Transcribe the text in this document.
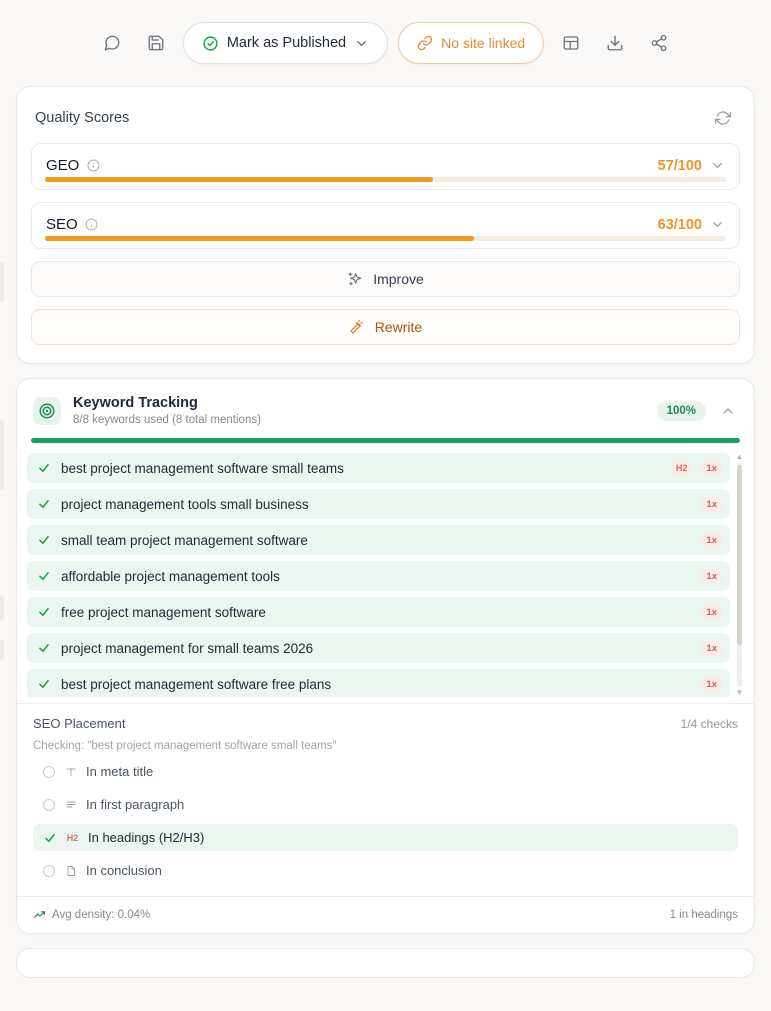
Mark as Published	No site linked
Quality Scores
GEO	57/100
SEO	63/100
Improve
Rewrite
Keyword Tracking
8/8 keywords used (8 total mentions)
100%
best project management software small teams	H2	1x
project management tools small business	1x
small team project management software	1x
affordable project management tools	1x
free project management software	1x
project management for small teams 2026	1x
best project management software free plans	1x
▲
▼
SEO Placement	1/4 checks
Checking: "best project management software small teams"
In meta title
In first paragraph
H2 In headings (H2/H3)
In conclusion
Avg density: 0.04%	1 in headings
